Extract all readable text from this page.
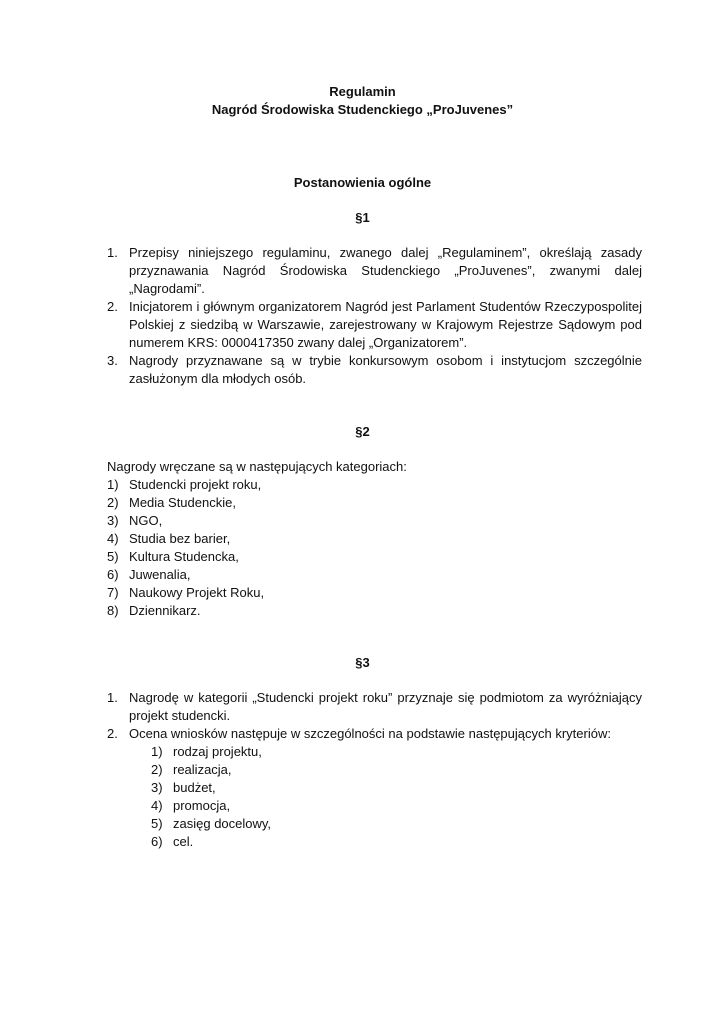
Regulamin
Nagród Środowiska Studenckiego „ProJuvenes”
Postanowienia ogólne
§1
1. Przepisy niniejszego regulaminu, zwanego dalej „Regulaminem”, określają zasady przyznawania Nagród Środowiska Studenckiego „ProJuvenes”, zwanymi dalej „Nagrodami”.
2. Inicjatorem i głównym organizatorem Nagród jest Parlament Studentów Rzeczypospolitej Polskiej z siedzibą w Warszawie, zarejestrowany w Krajowym Rejestrze Sądowym pod numerem KRS: 0000417350 zwany dalej „Organizatorem”.
3. Nagrody przyznawane są w trybie konkursowym osobom i instytucjom szczególnie zasłużonym dla młodych osób.
§2
Nagrody wręczane są w następujących kategoriach:
1) Studencki projekt roku,
2) Media Studenckie,
3) NGO,
4) Studia bez barier,
5) Kultura Studencka,
6) Juwenalia,
7) Naukowy Projekt Roku,
8) Dziennikarz.
§3
1. Nagrodę w kategorii „Studencki projekt roku” przyznaje się podmiotom za wyróżniający projekt studencki.
2. Ocena wniosków następuje w szczególności na podstawie następujących kryteriów:
1) rodzaj projektu,
2) realizacja,
3) budżet,
4) promocja,
5) zasięg docelowy,
6) cel.
